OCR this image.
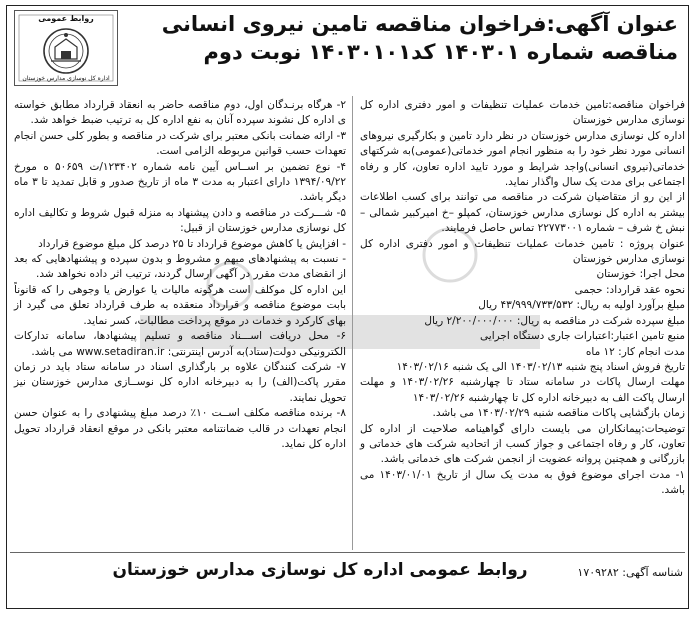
عنوان آگهی:فراخوان مناقصه تامین نیروی انسانی
مناقصه شماره ۱۴۰۳۰۱ کد۱۴۰۳۰۱۰۱ نوبت دوم
روابط عمومی
اداره کل نوسازی مدارس خوزستان

فراخوان مناقصه:تامین خدمات عملیات تنظیفات و امور دفتری اداره کل نوسازی مدارس خوزستان

اداره کل نوسازی مدارس خوزستان در نظر دارد تامین و بکارگیری نیروهای انسانی مورد نظر خود را به منظور انجام امور خدماتی(عمومی)به شرکتهای خدماتی(نیروی انسانی)واجد شرایط و مورد تایید اداره تعاون، کار و رفاه اجتماعی برای مدت یک سال واگذار نماید.

از این رو از متقاضیان شرکت در مناقصه می توانند برای کسب اطلاعات بیشتر به اداره کل نوسازی مدارس خوزستان، کمپلو –خ امیرکبیر شمالی –نبش خ شرف – شماره ۲۲۷۷۳۰۰۱ تماس حاصل فرمایند.

عنوان پروژه : تامین خدمات عملیات تنظیفات و امور دفتری اداره کل نوسازی مدارس خوزستان

محل اجرا: خوزستان

نحوه عقد قرارداد: حجمی

مبلغ برآورد اولیه به ریال: ۴۳/۹۹۹/۷۳۳/۵۳۲ ریال

مبلغ سپرده شرکت در مناقصه به ریال: ۲/۲۰۰/۰۰۰/۰۰۰ ریال

منبع تامین اعتبار:اعتبارات جاری دستگاه اجرایی

مدت انجام کار: ۱۲ ماه

تاریخ فروش اسناد پنج شنبه ۱۴۰۳/۰۲/۱۳ الی یک شنبه ۱۴۰۳/۰۲/۱۶

مهلت ارسال پاکات در سامانه ستاد تا چهارشنبه ۱۴۰۳/۰۲/۲۶ و مهلت ارسال پاکت الف به دبیرخانه اداره کل تا چهارشنبه ۱۴۰۳/۰۲/۲۶

زمان بازگشایی پاکات مناقصه شنبه ۱۴۰۳/۰۲/۲۹ می باشد.

توضیحات:پیمانکاران می بایست دارای گواهینامه صلاحیت از اداره کل تعاون، کار و رفاه اجتماعی و جواز کسب از اتحادیه شرکت های خدماتی و بازرگانی و همچنین پروانه عضویت از انجمن شرکت های خدماتی باشد.

۱- مدت اجرای موضوع فوق به مدت یک سال از تاریخ ۱۴۰۳/۰۱/۰۱ می باشد.

۲- هرگاه برنـدگان اول، دوم مناقصه حاضر به انعقاد قرارداد مطابق خواسته ی اداره کل نشوند سپرده آنان به نفع اداره کل به ترتیب ضبط خواهد شد.

۳- ارائه ضمانت بانکی معتبر برای شرکت در مناقصه و بطور کلی حسن انجام تعهدات حسب قوانین مربوطه الزامی است.

۴- نوع تضمین بر اســاس آیین نامه شماره ۱۲۳۴۰۲/ت ۵۰۶۵۹ ه مورخ ۱۳۹۴/۰۹/۲۲ دارای اعتبار به مدت ۳ ماه از تاریخ صدور و قابل تمدید تا ۳ ماه دیگر باشد.

۵- شـــرکت در مناقصه و دادن پیشنهاد به منزله قبول شروط و تکالیف اداره کل نوسازی مدارس خوزستان از قبیل:

- افزایش یا کاهش موضوع قرارداد تا ۲۵ درصد کل مبلغ موضوع قرارداد

- نسبت به پیشنهادهای مبهم و مشروط و بدون سپرده و پیشنهادهایی که بعد از انقضای مدت مقرر در آگهی ارسال گردند، ترتیب اثر داده نخواهد شد.

این اداره کل موکلف است هرگونه مالیات یا عوارض یا وجوهی را که قانوناً بابت موضوع مناقصه و قرارداد منعقده به طرف قرارداد تعلق می گیرد از بهای کارکرد و خدمات در موقع پرداخت مطالبات، کسر نماید.

۶- محل دریافت اســـناد مناقصه و تسلیم پیشنهادها، سامانه تدارکات الکترونیکی دولت(ستاد)به آدرس اینترنتی: www.setadiran.ir می باشد.

۷- شرکت کنندگان علاوه بر بارگذاری اسناد در سامانه ستاد باید در زمان مقرر پاکت(الف) را به دبیرخانه اداره کل نوســازی مدارس خوزستان نیز تحویل نمایند.

۸- برنده مناقصه مکلف اســت ۱۰٪ درصد مبلغ پیشنهادی را به عنوان حسن انجام تعهدات در قالب ضمانتنامه معتبر بانکی در موقع انعقاد قرارداد تحویل اداره کل نماید.

روابط عمومی اداره کل نوسازی مدارس خوزستان	شناسه آگهی: ۱۷۰۹۲۸۲
